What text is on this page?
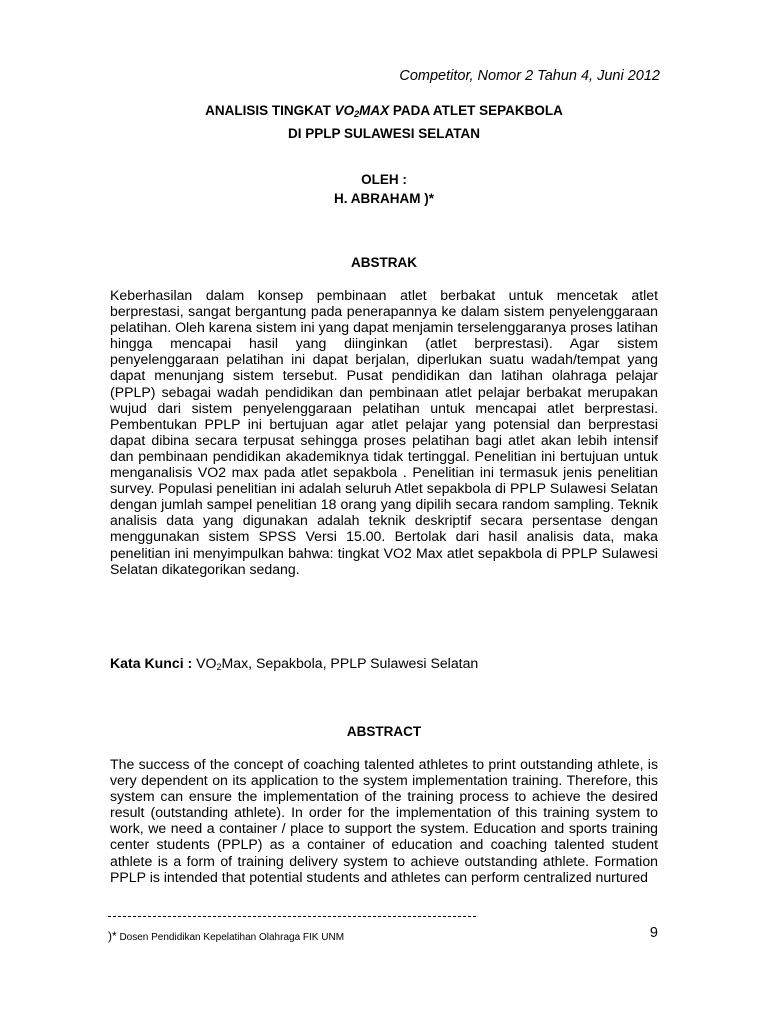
Competitor, Nomor 2 Tahun 4, Juni 2012
ANALISIS TINGKAT $VO_2MAX$ PADA ATLET SEPAKBOLA
DI PPLP SULAWESI SELATAN
OLEH :
H. ABRAHAM )*
ABSTRAK
Keberhasilan dalam konsep pembinaan atlet berbakat untuk mencetak atlet berprestasi, sangat bergantung pada penerapannya ke dalam sistem penyelenggaraan pelatihan. Oleh karena sistem ini yang dapat menjamin terselenggaranya proses latihan hingga mencapai hasil yang diinginkan (atlet berprestasi). Agar sistem penyelenggaraan pelatihan ini dapat berjalan, diperlukan suatu wadah/tempat yang dapat menunjang sistem tersebut. Pusat pendidikan dan latihan olahraga pelajar (PPLP) sebagai wadah pendidikan dan pembinaan atlet pelajar berbakat merupakan wujud dari sistem penyelenggaraan pelatihan untuk mencapai atlet berprestasi. Pembentukan PPLP ini bertujuan agar atlet pelajar yang potensial dan berprestasi dapat dibina secara terpusat sehingga proses pelatihan bagi atlet akan lebih intensif dan pembinaan pendidikan akademiknya tidak tertinggal. Penelitian ini bertujuan untuk menganalisis VO2 max pada atlet sepakbola . Penelitian ini termasuk jenis penelitian survey. Populasi penelitian ini adalah seluruh Atlet sepakbola di PPLP Sulawesi Selatan dengan jumlah sampel penelitian 18 orang yang dipilih secara random sampling. Teknik analisis data yang digunakan adalah teknik deskriptif secara persentase dengan menggunakan sistem SPSS Versi 15.00. Bertolak dari hasil analisis data, maka penelitian ini menyimpulkan bahwa: tingkat VO2 Max atlet sepakbola di PPLP Sulawesi Selatan dikategorikan sedang.
Kata Kunci : $VO_2Max$, Sepakbola, PPLP Sulawesi Selatan
ABSTRACT
The success of the concept of coaching talented athletes to print outstanding athlete, is very dependent on its application to the system implementation training. Therefore, this system can ensure the implementation of the training process to achieve the desired result (outstanding athlete). In order for the implementation of this training system to work, we need a container / place to support the system. Education and sports training center students (PPLP) as a container of education and coaching talented student athlete is a form of training delivery system to achieve outstanding athlete. Formation PPLP is intended that potential students and athletes can perform centralized nurtured
)* Dosen Pendidikan Kepelatihan Olahraga FIK UNM	9
